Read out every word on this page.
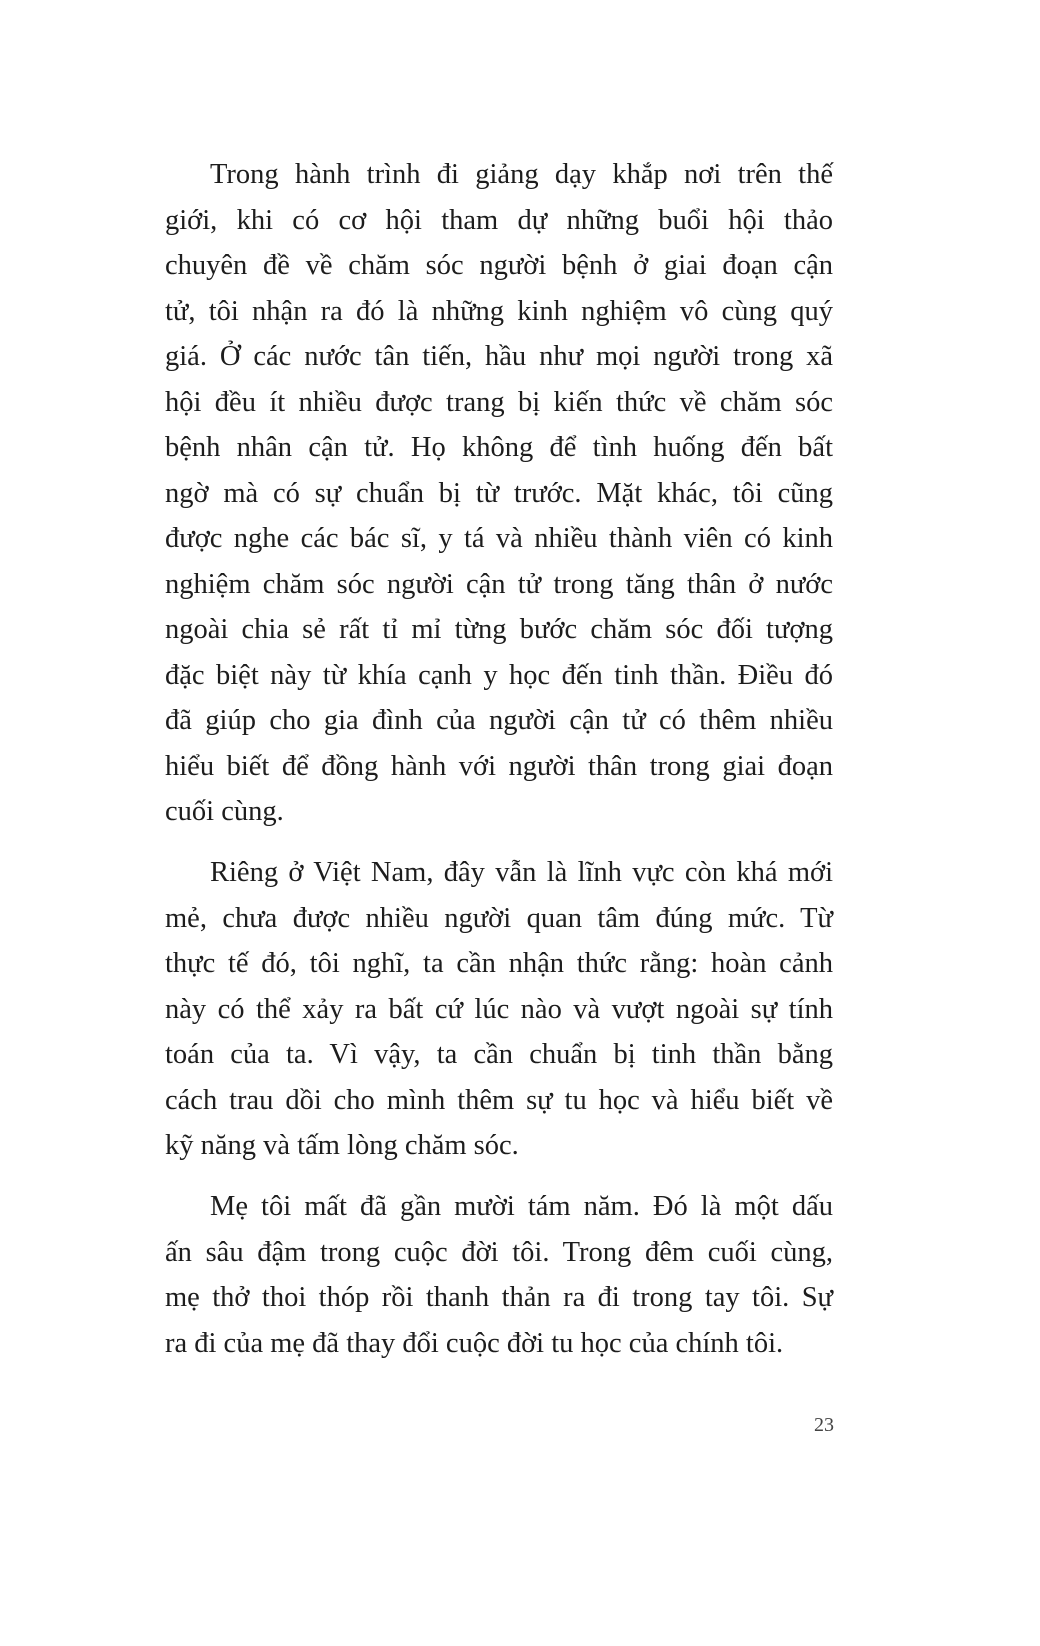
Trong hành trình đi giảng dạy khắp nơi trên thế
giới, khi có cơ hội tham dự những buổi hội thảo
chuyên đề về chăm sóc người bệnh ở giai đoạn cận
tử, tôi nhận ra đó là những kinh nghiệm vô cùng quý
giá. Ở các nước tân tiến, hầu như mọi người trong xã
hội đều ít nhiều được trang bị kiến thức về chăm sóc
bệnh nhân cận tử. Họ không để tình huống đến bất
ngờ mà có sự chuẩn bị từ trước. Mặt khác, tôi cũng
được nghe các bác sĩ, y tá và nhiều thành viên có kinh
nghiệm chăm sóc người cận tử trong tăng thân ở nước
ngoài chia sẻ rất tỉ mỉ từng bước chăm sóc đối tượng
đặc biệt này từ khía cạnh y học đến tinh thần. Điều đó
đã giúp cho gia đình của người cận tử có thêm nhiều
hiểu biết để đồng hành với người thân trong giai đoạn
cuối cùng.
Riêng ở Việt Nam, đây vẫn là lĩnh vực còn khá mới
mẻ, chưa được nhiều người quan tâm đúng mức. Từ
thực tế đó, tôi nghĩ, ta cần nhận thức rằng: hoàn cảnh
này có thể xảy ra bất cứ lúc nào và vượt ngoài sự tính
toán của ta. Vì vậy, ta cần chuẩn bị tinh thần bằng
cách trau dồi cho mình thêm sự tu học và hiểu biết về
kỹ năng và tấm lòng chăm sóc.
Mẹ tôi mất đã gần mười tám năm. Đó là một dấu
ấn sâu đậm trong cuộc đời tôi. Trong đêm cuối cùng,
mẹ thở thoi thóp rồi thanh thản ra đi trong tay tôi. Sự
ra đi của mẹ đã thay đổi cuộc đời tu học của chính tôi.
23
